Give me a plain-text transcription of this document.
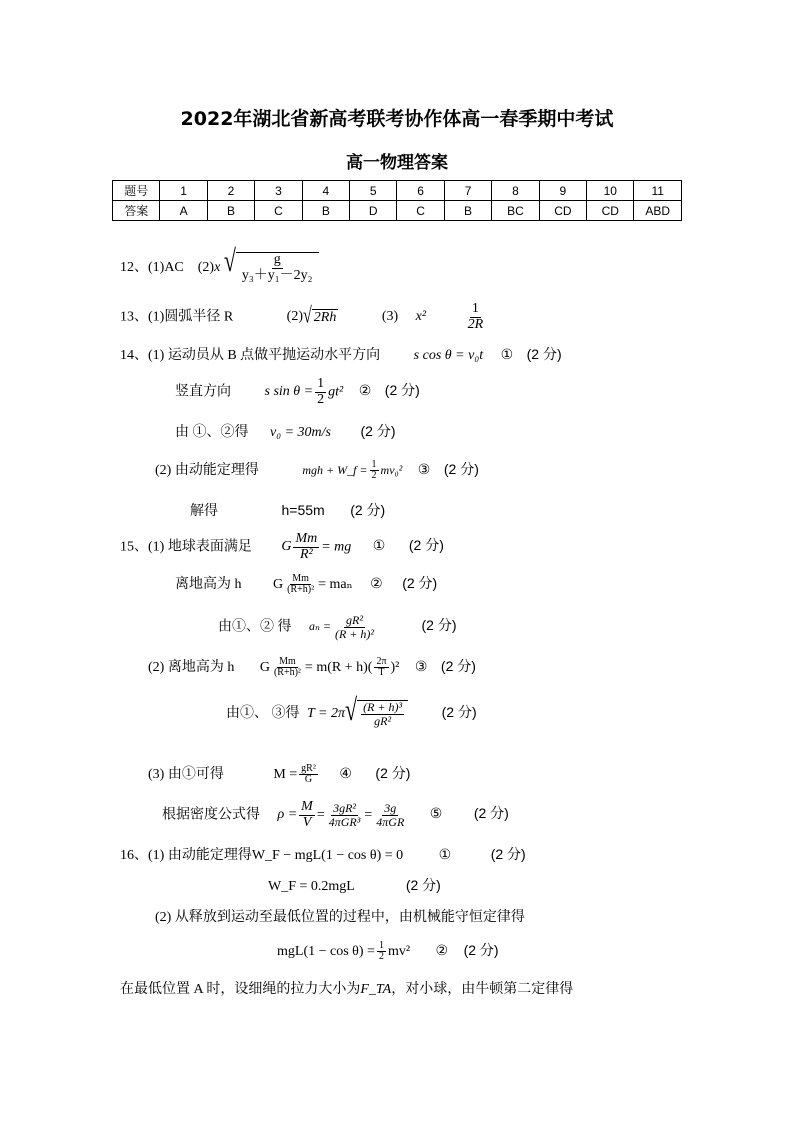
2022年湖北省新高考联考协作体高一春季期中考试
高一物理答案
题号	1	2	3	4	5	6	7	8	9	10	11
答案	A	B	C	B	D	C	B	BC	CD	CD	ABD
12、(1)AC　(2)x √ $\frac{g}{\text{y₃＋y₁－2y₂}}$
13、(1)圆弧半径 R	(2) √ 2Rh	(3) x²	$\frac{1}{2R}$
14、(1) 运动员从 B 点做平抛运动水平方向 s cos θ = v₀t ① (2 分)
竖直方向 s $\sin \theta = \frac{1}{2} gt^2$ ② (2 分)
由 ①、②得 v₀ = 30m/s (2 分)
(2) 由动能定理得	mgh + W_f = $\frac{1}{2} mv_0^2$ ③ (2 分)
解得	h=55m (2 分)
15、(1) 地球表面满足 G $\frac{Mm}{\text{R²}}$ = mg ① (2 分)
离地高为 h G $\frac{Mm}{\text{(R+h)²}} = ma_n$ ② (2 分)
由①、② 得 $a_n = \frac{\text{gR²}}{\text{(R + h)²}}$	(2 分)
(2) 离地高为 h G $\frac{Mm}{\text{(R+h)²}} = m(R + h)( \frac{2\pi}{T} )^2$ ③ (2 分)
由①、 ③得 T = 2π √ $\frac{\text{(R + h)³}}{\text{gR²}}$	(2 分)
(3) 由①可得	$M = \frac{\text{gR²}}{G}$ ④ (2 分)
根据密度公式得 $\rho = \frac{M}{V} = \frac{\text{3gR²}}{\text{4πGR³}} = \frac{3g}{\text{4πGR}}$ ⑤ (2 分)
16、(1) 由动能定理得W_F − mgL(1 − cos θ) = 0	①	(2 分)
W_F = 0.2mgL	(2 分)
(2) 从释放到运动至最低位置的过程中，由机械能守恒定律得
$mgL(1 - \cos \theta) = \frac{1}{2} mv^2$ ② (2 分)
在最低位置 A 时，设细绳的拉力大小为F_TA，对小球，由牛顿第二定律得
